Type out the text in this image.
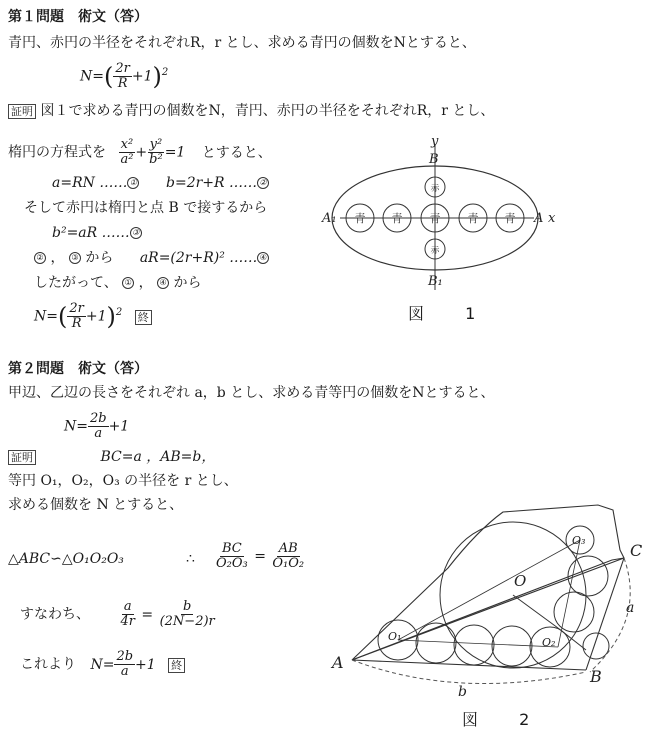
第１問題　術文（答）
青円、赤円の半径をそれぞれR，r とし、求める青円の個数をNとすると、
$N=( \frac{2r}{R} +1)^2$
証明 図１で求める青円の個数をN，青円、赤円の半径をそれぞれR，r とし、
楕円の方程式を $\frac{\text{x²}}{\text{a²}} + \frac{\text{y²}}{\text{b²}} =1$ とすると、
a=RN …… ① b=2r+R …… ②
そして赤円は楕円と点 B で接するから
b²=aR …… ③
② ， ③ から aR=(2r+R)² …… ④
したがって、 ① ， ④ から
$N=( \frac{2r}{R} +1)^2$ 終
青 青 青 青 青
赤
赤
y
B
B₁
A₁	A x
図 1
第２問題　術文（答）
甲辺、乙辺の長さをそれぞれ a，b とし、求める青等円の個数をNとすると、
$N= \frac{2b}{a} +1$
証明	BC=a ，AB=b，
等円 O₁，O₂，O₃ の半径を r とし、
求める個数を N とすると、
△ABC∽△O₁O₂O₃	∴ $\frac{BC}{\text{O₂O₃}} = \frac{AB}{\text{O₁O₂}}$
すなわち、 $\frac{a}{4r} = \frac{b}{(2N-2)r}$
これより $N= \frac{2b}{a} +1$ 終	A
B
C
O
O₁	O₂
O₃
a
b
図 2
